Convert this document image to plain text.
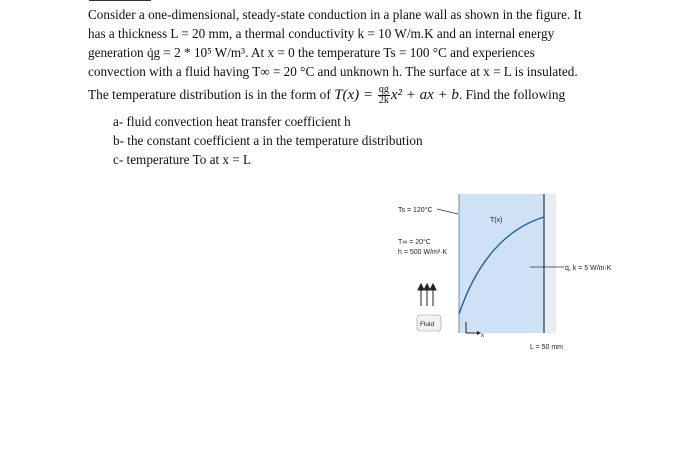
Consider a one-dimensional, steady-state conduction in a plane wall as shown in the figure. It
has a thickness L = 20 mm, a thermal conductivity k = 10 W/m.K and an internal energy
generation q̇g = 2 * 10⁵ W/m³. At x = 0 the temperature Ts = 100 °C and experiences
convection with a fluid having T∞ = 20 °C and unknown h. The surface at x = L is insulated.
The temperature distribution is in the form of $T(x) = \frac{qg}{2k} x^2$ + ax + b. Find the following
a- fluid convection heat transfer coefficient h
b- the constant coefficient a in the temperature distribution
c- temperature To at x = L
Ts = 120°C
T∞ = 20°C
h = 500 W/m²·K
T(x)
q̇, k = 5 W/m·K
Fluid
x
L = 50 mm
